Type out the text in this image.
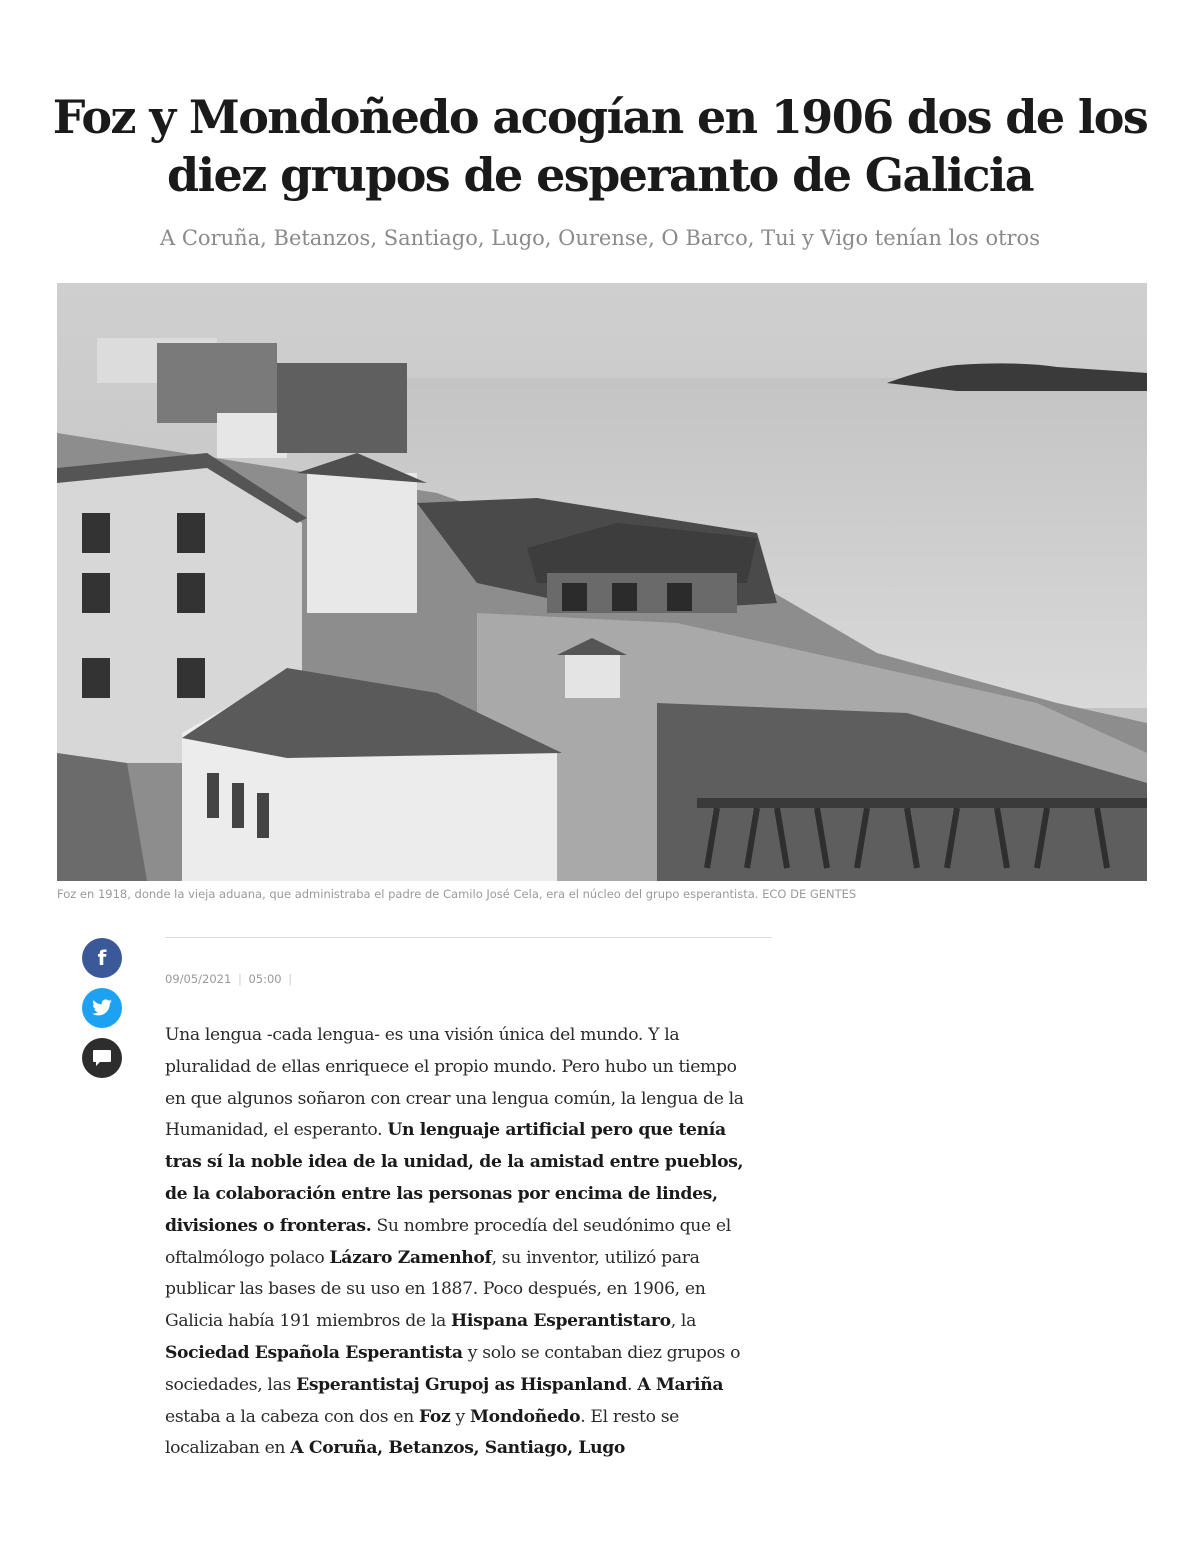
Foz y Mondoñedo acogían en 1906 dos de los diez grupos de esperanto de Galicia

A Coruña, Betanzos, Santiago, Lugo, Ourense, O Barco, Tui y Vigo tenían los otros

Foz en 1918, donde la vieja aduana, que administraba el padre de Camilo José Cela, era el núcleo del grupo esperantista. ECO DE GENTES
f
09/05/2021 | 05:00 |

Una lengua -cada lengua- es una visión única del mundo. Y la pluralidad de ellas enriquece el propio mundo. Pero hubo un tiempo en que algunos soñaron con crear una lengua común, la lengua de la Humanidad, el esperanto. Un lenguaje artificial pero que tenía tras sí la noble idea de la unidad, de la amistad entre pueblos, de la colaboración entre las personas por encima de lindes, divisiones o fronteras. Su nombre procedía del seudónimo que el oftalmólogo polaco Lázaro Zamenhof, su inventor, utilizó para publicar las bases de su uso en 1887. Poco después, en 1906, en Galicia había 191 miembros de la Hispana Esperantistaro, la Sociedad Española Esperantista y solo se contaban diez grupos o sociedades, las Esperantistaj Grupoj as Hispanland. A Mariña estaba a la cabeza con dos en Foz y Mondoñedo. El resto se localizaban en A Coruña, Betanzos, Santiago, Lugo
